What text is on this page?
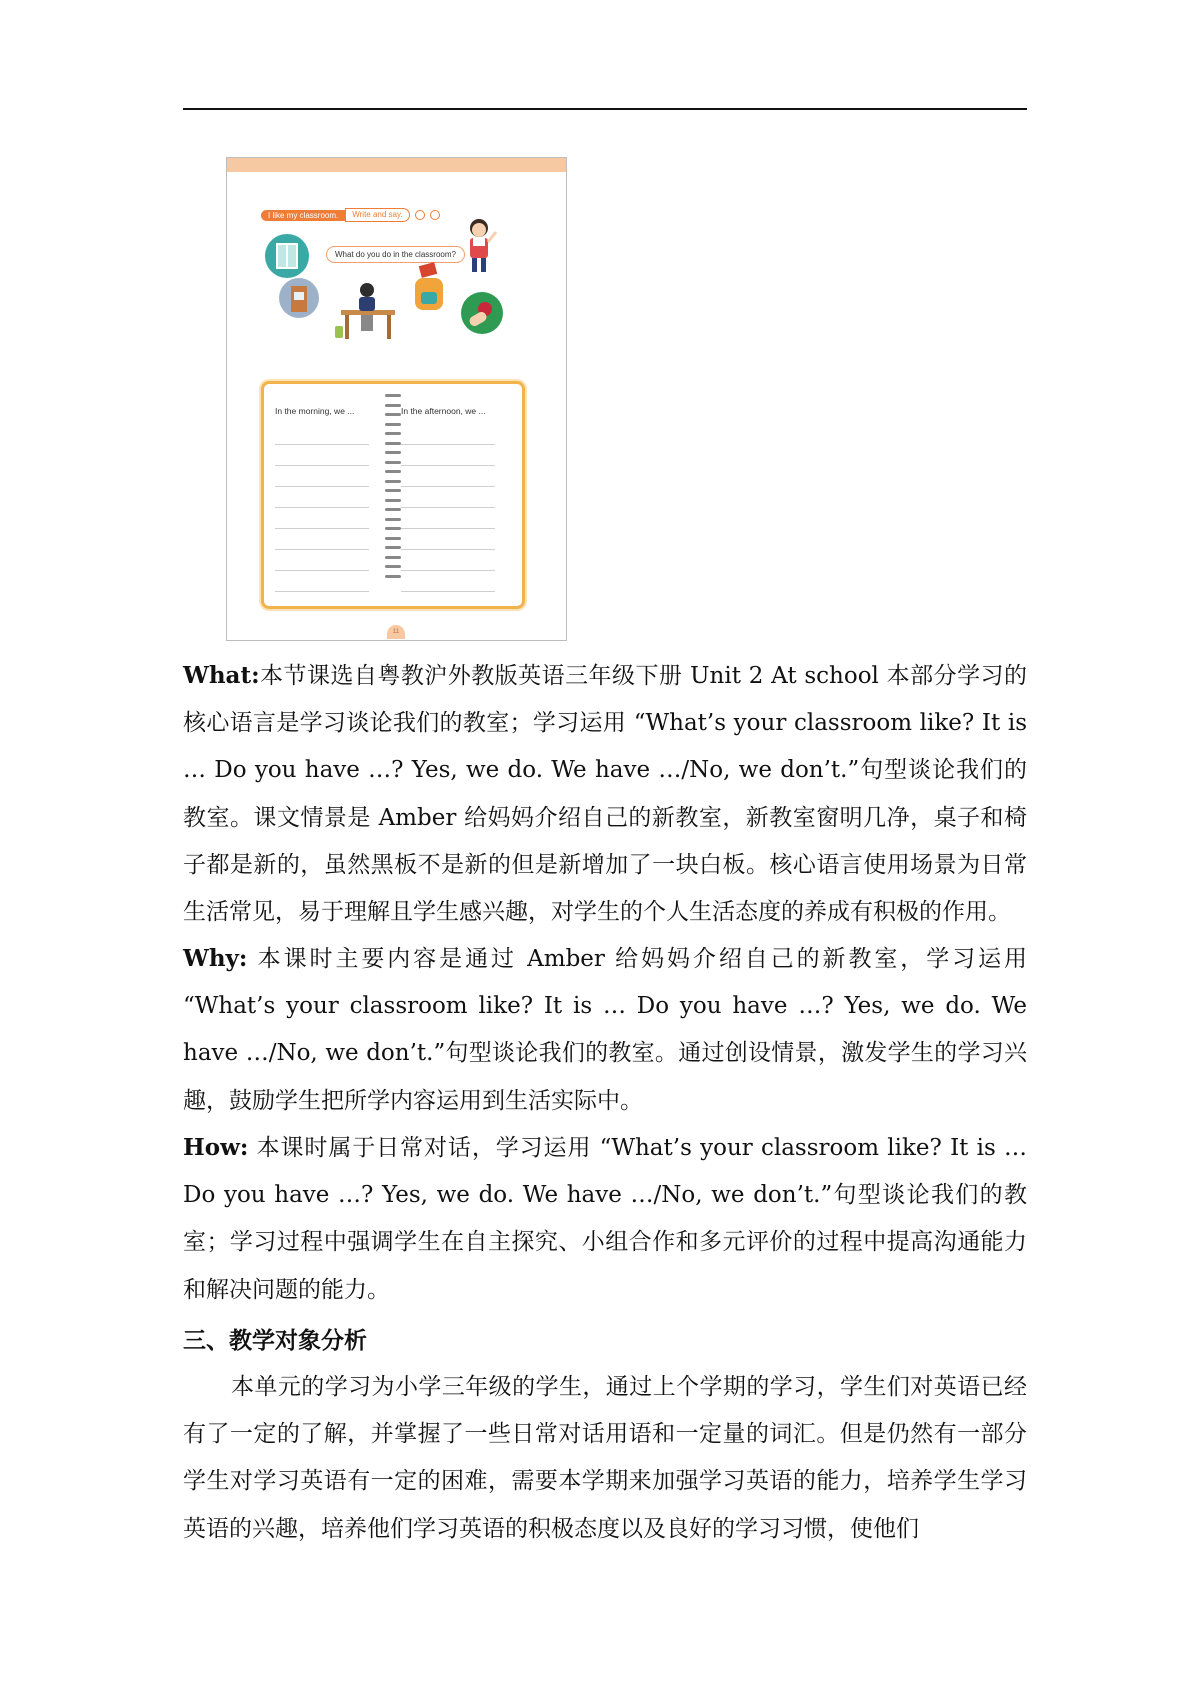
I like my classroom.	Write and say.
What do you do in the classroom?
In the morning, we ...	In the afternoon, we ...
11

What:本节课选自粤教沪外教版英语三年级下册 Unit 2 At school 本部分学习的核心语言是学习谈论我们的教室；学习运用 “What’s your classroom like? It is … Do you have …? Yes, we do. We have …/No, we don’t.”句型谈论我们的教室。课文情景是 Amber 给妈妈介绍自己的新教室，新教室窗明几净，桌子和椅子都是新的，虽然黑板不是新的但是新增加了一块白板。核心语言使用场景为日常生活常见，易于理解且学生感兴趣，对学生的个人生活态度的养成有积极的作用。

Why: 本课时主要内容是通过 Amber 给妈妈介绍自己的新教室，学习运用 “What’s your classroom like? It is … Do you have …? Yes, we do. We have …/No, we don’t.”句型谈论我们的教室。通过创设情景，激发学生的学习兴趣，鼓励学生把所学内容运用到生活实际中。

How: 本课时属于日常对话，学习运用 “What’s your classroom like? It is … Do you have …? Yes, we do. We have …/No, we don’t.”句型谈论我们的教室；学习过程中强调学生在自主探究、小组合作和多元评价的过程中提高沟通能力和解决问题的能力。

三、教学对象分析

本单元的学习为小学三年级的学生，通过上个学期的学习，学生们对英语已经有了一定的了解，并掌握了一些日常对话用语和一定量的词汇。但是仍然有一部分学生对学习英语有一定的困难，需要本学期来加强学习英语的能力，培养学生学习英语的兴趣，培养他们学习英语的积极态度以及良好的学习习惯，使他们
